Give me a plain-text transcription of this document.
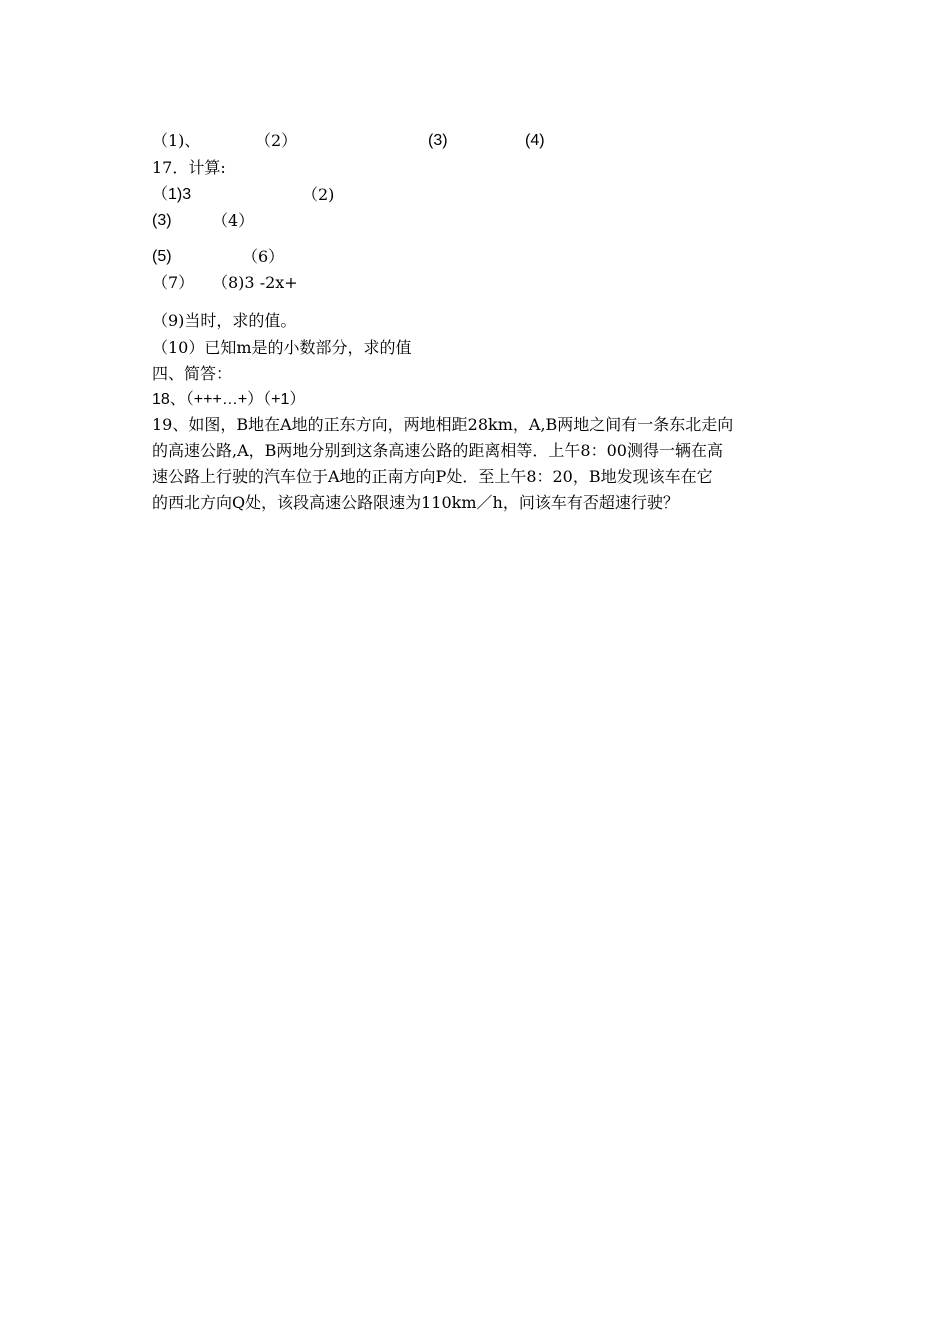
（1)、	（2）	(3)	(4)
17．计算:
（1)3	（2)
(3)	（4）
(5)	（6）
（7） （8)3 -2x+
（9)当时，求的值。
（10）已知m是的小数部分，求的值
四、简答：
18、（+++…+）（+1）
19、如图，B地在A地的正东方向，两地相距28km，A,B两地之间有一条东北走向
的高速公路,A，B两地分别到这条高速公路的距离相等．上午8：00测得一辆在高
速公路上行驶的汽车位于A地的正南方向P处．至上午8：20，B地发现该车在它
的西北方向Q处，该段高速公路限速为110km／h，问该车有否超速行驶？
